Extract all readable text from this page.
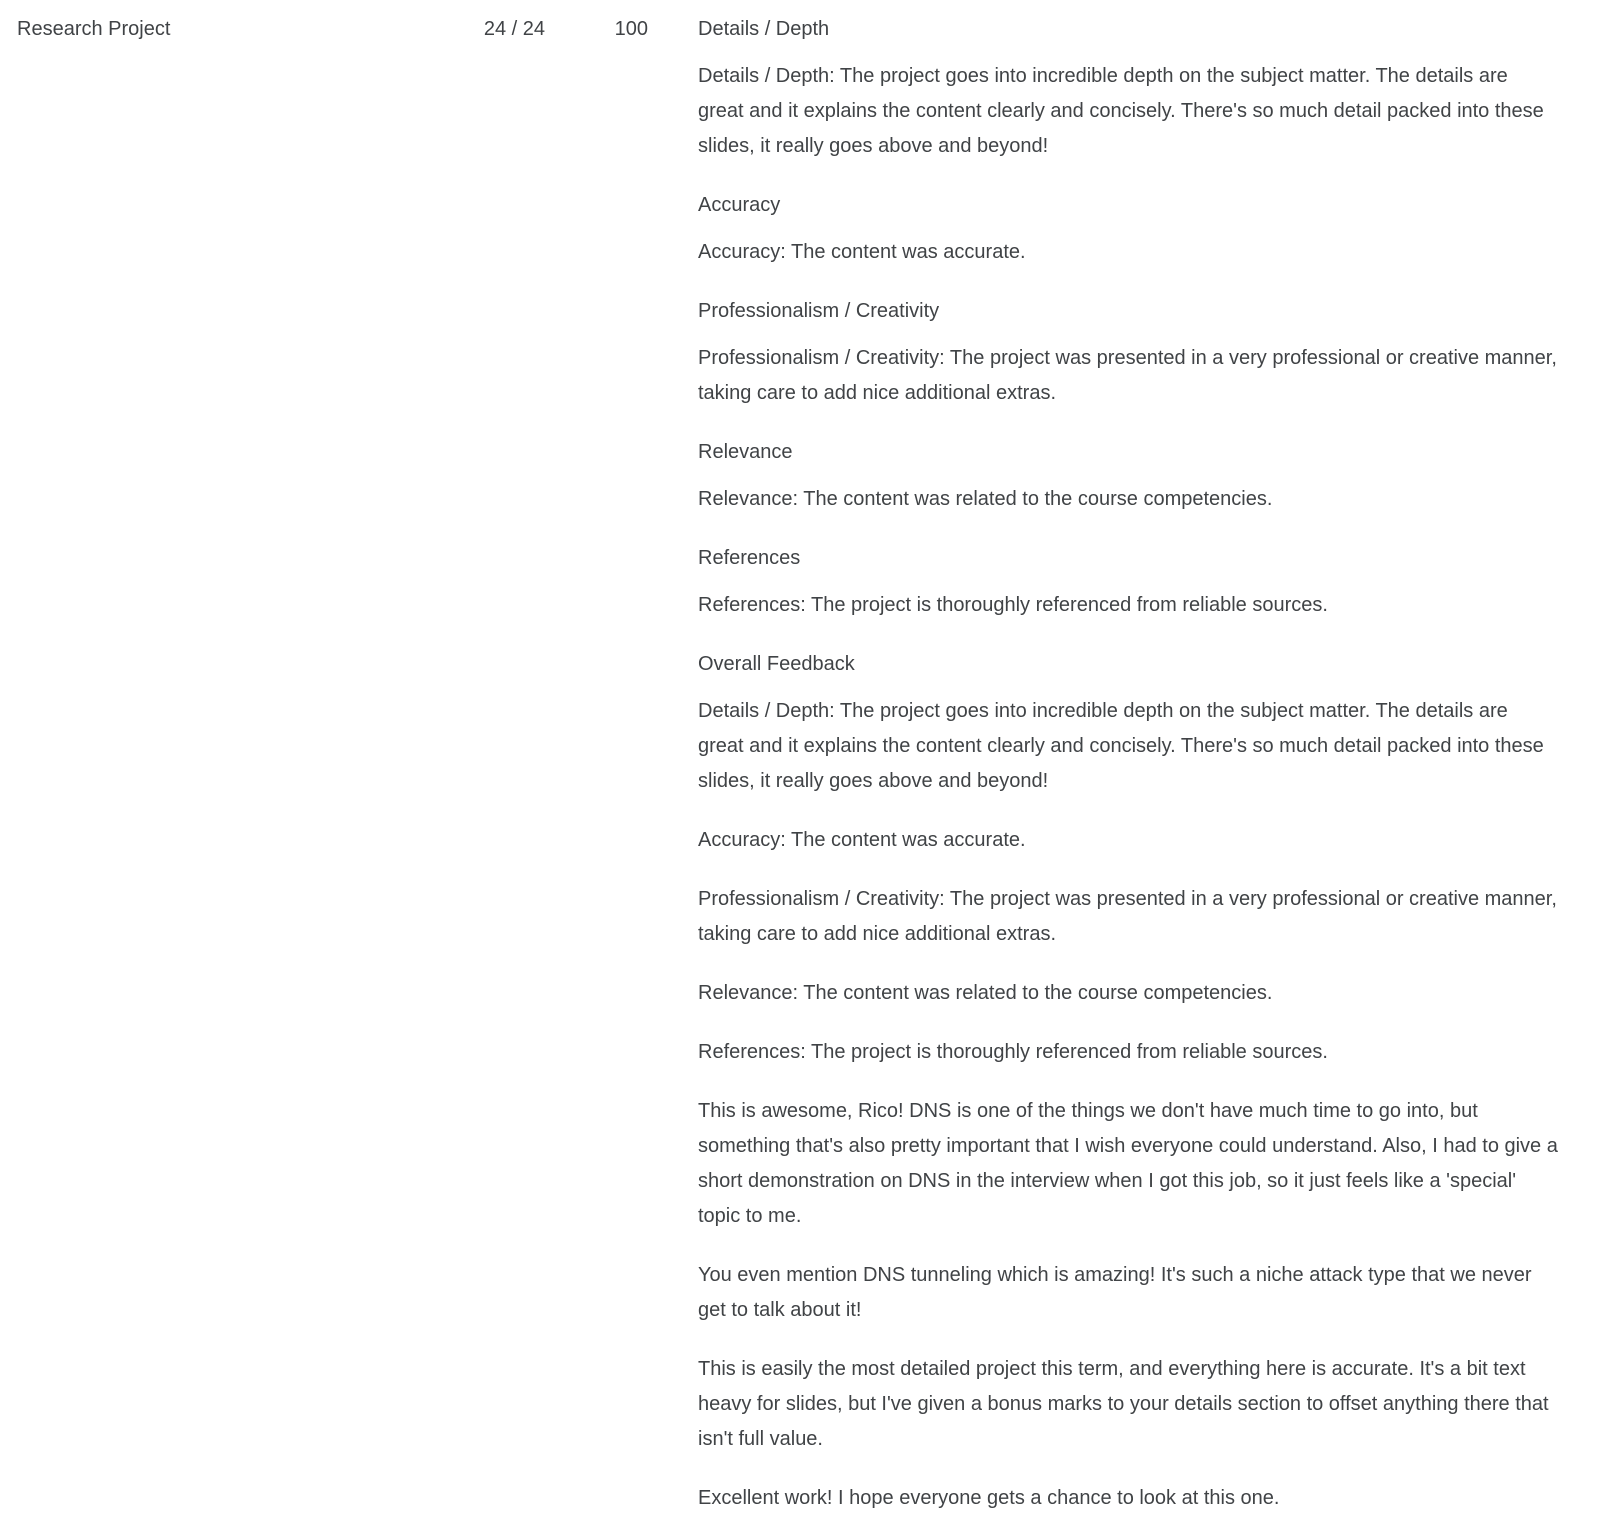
Research Project	24 / 24	100	Details / Depth

Details / Depth: The project goes into incredible depth on the subject matter. The details are great and it explains the content clearly and concisely. There's so much detail packed into these slides, it really goes above and beyond!

Accuracy

Accuracy: The content was accurate.

Professionalism / Creativity

Professionalism / Creativity: The project was presented in a very professional or creative manner, taking care to add nice additional extras.

Relevance

Relevance: The content was related to the course competencies.

References

References: The project is thoroughly referenced from reliable sources.

Overall Feedback

Details / Depth: The project goes into incredible depth on the subject matter. The details are great and it explains the content clearly and concisely. There's so much detail packed into these slides, it really goes above and beyond!

Accuracy: The content was accurate.

Professionalism / Creativity: The project was presented in a very professional or creative manner, taking care to add nice additional extras.

Relevance: The content was related to the course competencies.

References: The project is thoroughly referenced from reliable sources.

This is awesome, Rico! DNS is one of the things we don't have much time to go into, but something that's also pretty important that I wish everyone could understand. Also, I had to give a short demonstration on DNS in the interview when I got this job, so it just feels like a 'special' topic to me.

You even mention DNS tunneling which is amazing! It's such a niche attack type that we never get to talk about it!

This is easily the most detailed project this term, and everything here is accurate. It's a bit text heavy for slides, but I've given a bonus marks to your details section to offset anything there that isn't full value.

Excellent work! I hope everyone gets a chance to look at this one.
